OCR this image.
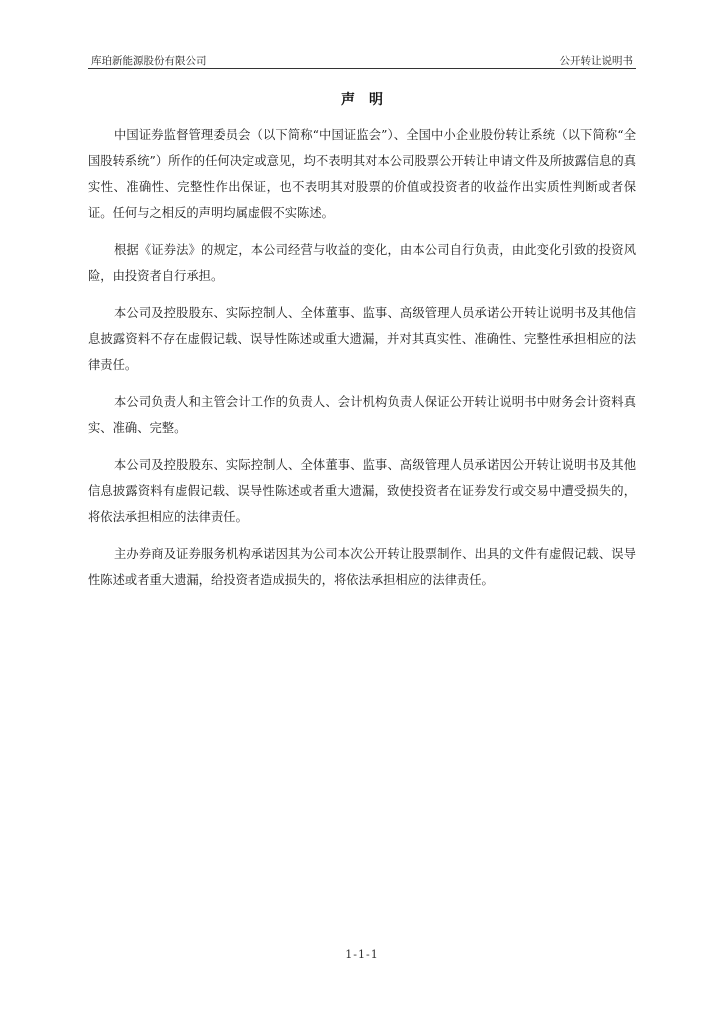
库珀新能源股份有限公司	公开转让说明书
声明

中国证券监督管理委员会（以下简称“中国证监会”）、全国中小企业股份转让系统（以下简称“全国股转系统”）所作的任何决定或意见，均不表明其对本公司股票公开转让申请文件及所披露信息的真实性、准确性、完整性作出保证，也不表明其对股票的价值或投资者的收益作出实质性判断或者保证。任何与之相反的声明均属虚假不实陈述。

根据《证券法》的规定，本公司经营与收益的变化，由本公司自行负责，由此变化引致的投资风险，由投资者自行承担。

本公司及控股股东、实际控制人、全体董事、监事、高级管理人员承诺公开转让说明书及其他信息披露资料不存在虚假记载、误导性陈述或重大遗漏，并对其真实性、准确性、完整性承担相应的法律责任。

本公司负责人和主管会计工作的负责人、会计机构负责人保证公开转让说明书中财务会计资料真实、准确、完整。

本公司及控股股东、实际控制人、全体董事、监事、高级管理人员承诺因公开转让说明书及其他信息披露资料有虚假记载、误导性陈述或者重大遗漏，致使投资者在证券发行或交易中遭受损失的，将依法承担相应的法律责任。

主办券商及证券服务机构承诺因其为公司本次公开转让股票制作、出具的文件有虚假记载、误导性陈述或者重大遗漏，给投资者造成损失的，将依法承担相应的法律责任。

1-1-1
